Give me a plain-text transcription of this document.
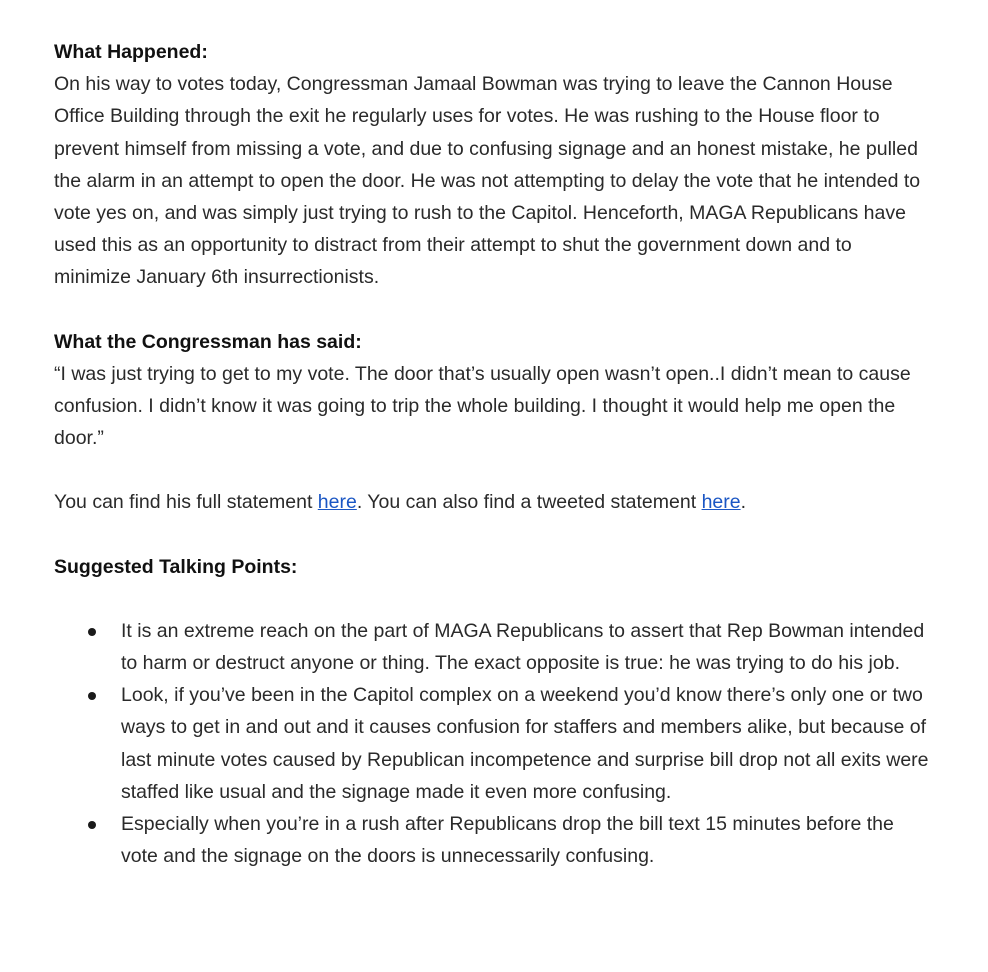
What Happened:

On his way to votes today, Congressman Jamaal Bowman was trying to leave the Cannon House Office Building through the exit he regularly uses for votes. He was rushing to the House floor to prevent himself from missing a vote, and due to confusing signage and an honest mistake, he pulled the alarm in an attempt to open the door. He was not attempting to delay the vote that he intended to vote yes on, and was simply just trying to rush to the Capitol. Henceforth, MAGA Republicans have used this as an opportunity to distract from their attempt to shut the government down and to minimize January 6th insurrectionists.

What the Congressman has said:

“I was just trying to get to my vote. The door that’s usually open wasn’t open..I didn’t mean to cause confusion. I didn’t know it was going to trip the whole building. I thought it would help me open the door.”

You can find his full statement here. You can also find a tweeted statement here.

Suggested Talking Points:

It is an extreme reach on the part of MAGA Republicans to assert that Rep Bowman intended to harm or destruct anyone or thing. The exact opposite is true: he was trying to do his job.
Look, if you’ve been in the Capitol complex on a weekend you’d know there’s only one or two ways to get in and out and it causes confusion for staffers and members alike, but because of last minute votes caused by Republican incompetence and surprise bill drop not all exits were staffed like usual and the signage made it even more confusing.
Especially when you’re in a rush after Republicans drop the bill text 15 minutes before the vote and the signage on the doors is unnecessarily confusing.
